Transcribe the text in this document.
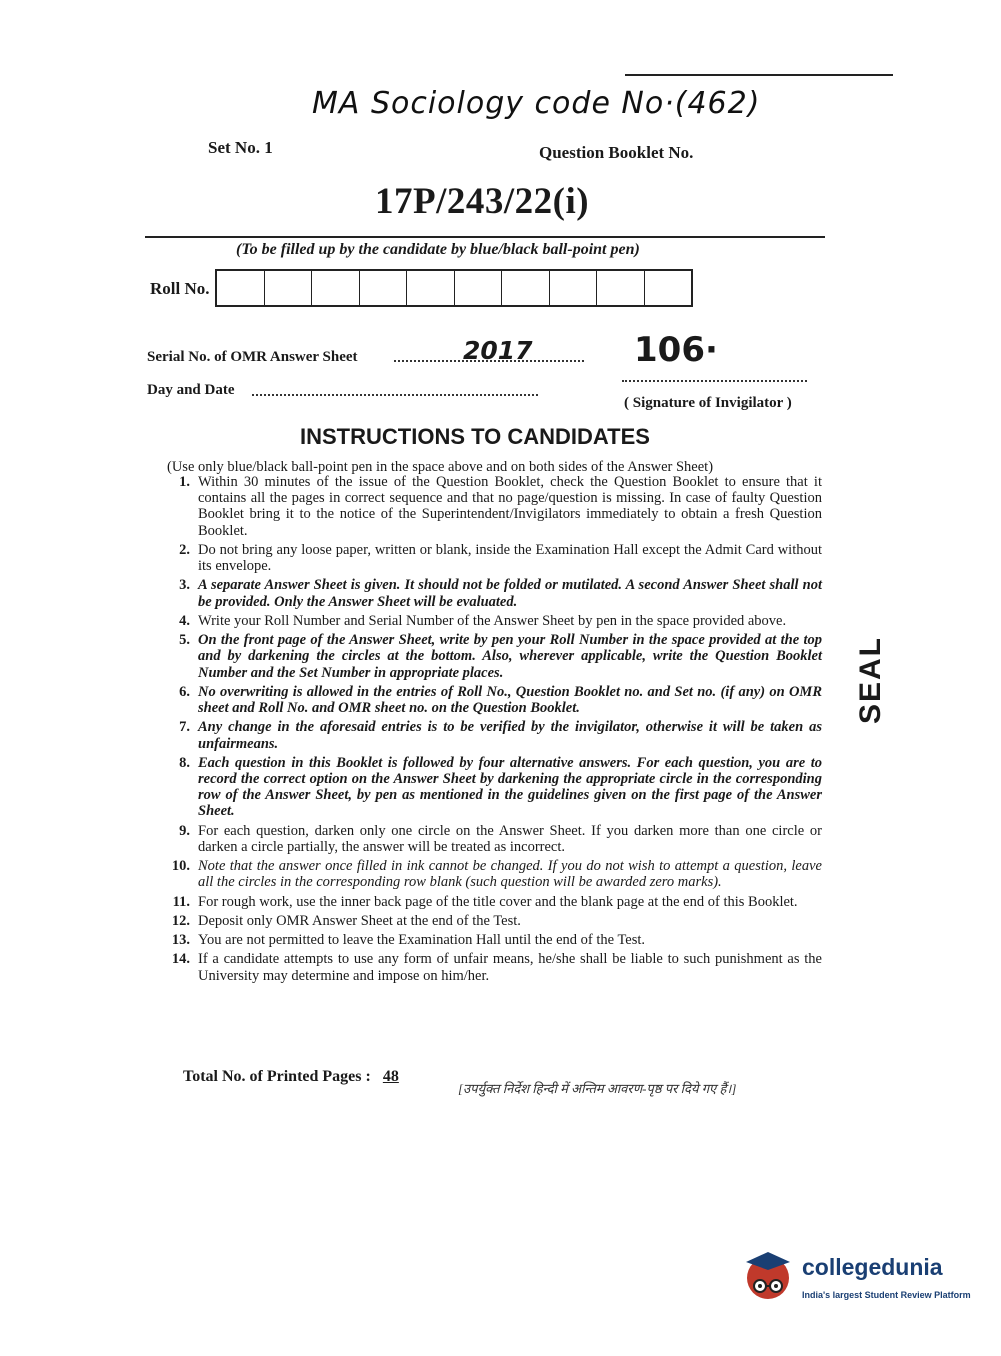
MA Sociology code No·(462)
Set No. 1	Question Booklet No.
17P/243/22(i)
(To be filled up by the candidate by blue/black ball-point pen)
Roll No.
Serial No. of OMR Answer Sheet	2017	106·
Day and Date
( Signature of Invigilator )
INSTRUCTIONS TO CANDIDATES
(Use only blue/black ball-point pen in the space above and on both sides of the Answer Sheet)
1. Within 30 minutes of the issue of the Question Booklet, check the Question Booklet to ensure that it contains all the pages in correct sequence and that no page/question is missing. In case of faulty Question Booklet bring it to the notice of the Superintendent/Invigilators immediately to obtain a fresh Question Booklet.
2. Do not bring any loose paper, written or blank, inside the Examination Hall except the Admit Card without its envelope.
3. A separate Answer Sheet is given. It should not be folded or mutilated. A second Answer Sheet shall not be provided. Only the Answer Sheet will be evaluated.
4. Write your Roll Number and Serial Number of the Answer Sheet by pen in the space provided above.
5. On the front page of the Answer Sheet, write by pen your Roll Number in the space provided at the top and by darkening the circles at the bottom. Also, wherever applicable, write the Question Booklet Number and the Set Number in appropriate places.
6. No overwriting is allowed in the entries of Roll No., Question Booklet no. and Set no. (if any) on OMR sheet and Roll No. and OMR sheet no. on the Question Booklet.
7. Any change in the aforesaid entries is to be verified by the invigilator, otherwise it will be taken as unfairmeans.
8. Each question in this Booklet is followed by four alternative answers. For each question, you are to record the correct option on the Answer Sheet by darkening the appropriate circle in the corresponding row of the Answer Sheet, by pen as mentioned in the guidelines given on the first page of the Answer Sheet.
9. For each question, darken only one circle on the Answer Sheet. If you darken more than one circle or darken a circle partially, the answer will be treated as incorrect.
10. Note that the answer once filled in ink cannot be changed. If you do not wish to attempt a question, leave all the circles in the corresponding row blank (such question will be awarded zero marks).
11. For rough work, use the inner back page of the title cover and the blank page at the end of this Booklet.
12. Deposit only OMR Answer Sheet at the end of the Test.
13. You are not permitted to leave the Examination Hall until the end of the Test.
14. If a candidate attempts to use any form of unfair means, he/she shall be liable to such punishment as the University may determine and impose on him/her.
Total No. of Printed Pages : 48
[उपर्युक्त निर्देश हिन्दी में अन्तिम आवरण-पृष्ठ पर दिये गए हैं।]
SEAL
collegedunia
India's largest Student Review Platform
